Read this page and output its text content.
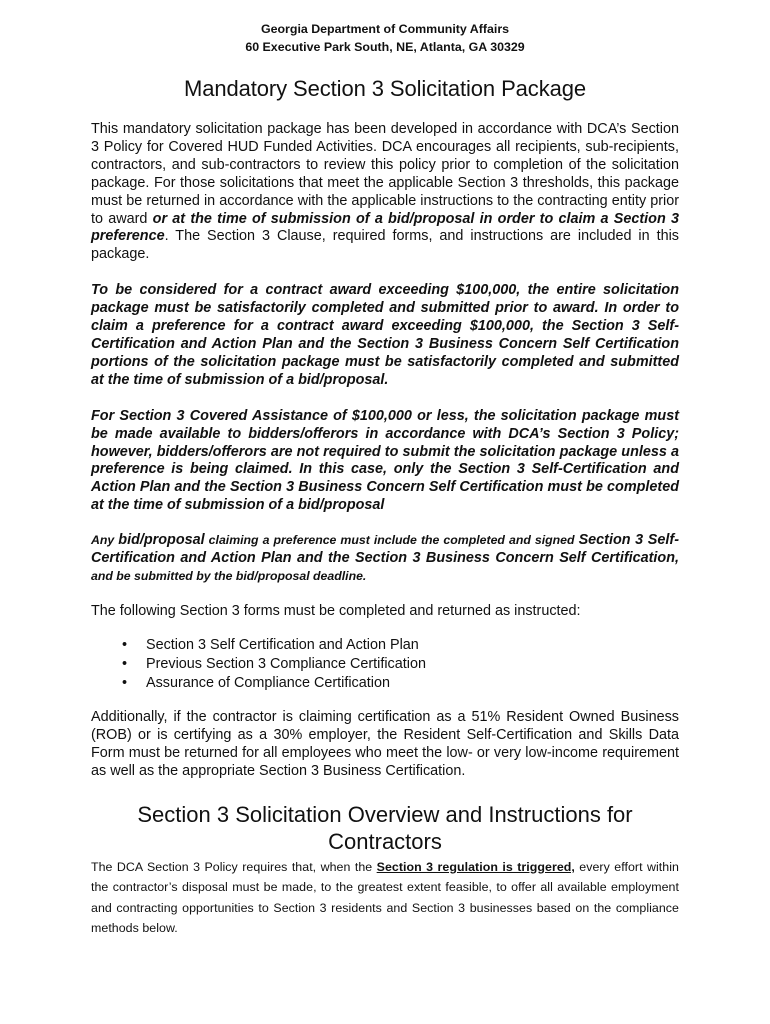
Georgia Department of Community Affairs
60 Executive Park South, NE, Atlanta, GA 30329
Mandatory Section 3 Solicitation Package

This mandatory solicitation package has been developed in accordance with DCA’s Section 3 Policy for Covered HUD Funded Activities. DCA encourages all recipients, sub-recipients, contractors, and sub-contractors to review this policy prior to completion of the solicitation package. For those solicitations that meet the applicable Section 3 thresholds, this package must be returned in accordance with the applicable instructions to the contracting entity prior to award or at the time of submission of a bid/proposal in order to claim a Section 3 preference. The Section 3 Clause, required forms, and instructions are included in this package.

To be considered for a contract award exceeding $100,000, the entire solicitation package must be satisfactorily completed and submitted prior to award. In order to claim a preference for a contract award exceeding $100,000, the Section 3 Self-Certification and Action Plan and the Section 3 Business Concern Self Certification portions of the solicitation package must be satisfactorily completed and submitted at the time of submission of a bid/proposal.

For Section 3 Covered Assistance of $100,000 or less, the solicitation package must be made available to bidders/offerors in accordance with DCA’s Section 3 Policy; however, bidders/offerors are not required to submit the solicitation package unless a preference is being claimed. In this case, only the Section 3 Self-Certification and Action Plan and the Section 3 Business Concern Self Certification must be completed at the time of submission of a bid/proposal

Any bid/proposal claiming a preference must include the completed and signed Section 3 Self-Certification and Action Plan and the Section 3 Business Concern Self Certification, and be submitted by the bid/proposal deadline.

The following Section 3 forms must be completed and returned as instructed:

• Section 3 Self Certification and Action Plan
• Previous Section 3 Compliance Certification
• Assurance of Compliance Certification

Additionally, if the contractor is claiming certification as a 51% Resident Owned Business (ROB) or is certifying as a 30% employer, the Resident Self-Certification and Skills Data Form must be returned for all employees who meet the low- or very low-income requirement as well as the appropriate Section 3 Business Certification.

Section 3 Solicitation Overview and Instructions for Contractors

The DCA Section 3 Policy requires that, when the Section 3 regulation is triggered, every effort within the contractor’s disposal must be made, to the greatest extent feasible, to offer all available employment and contracting opportunities to Section 3 residents and Section 3 businesses based on the compliance methods below.
